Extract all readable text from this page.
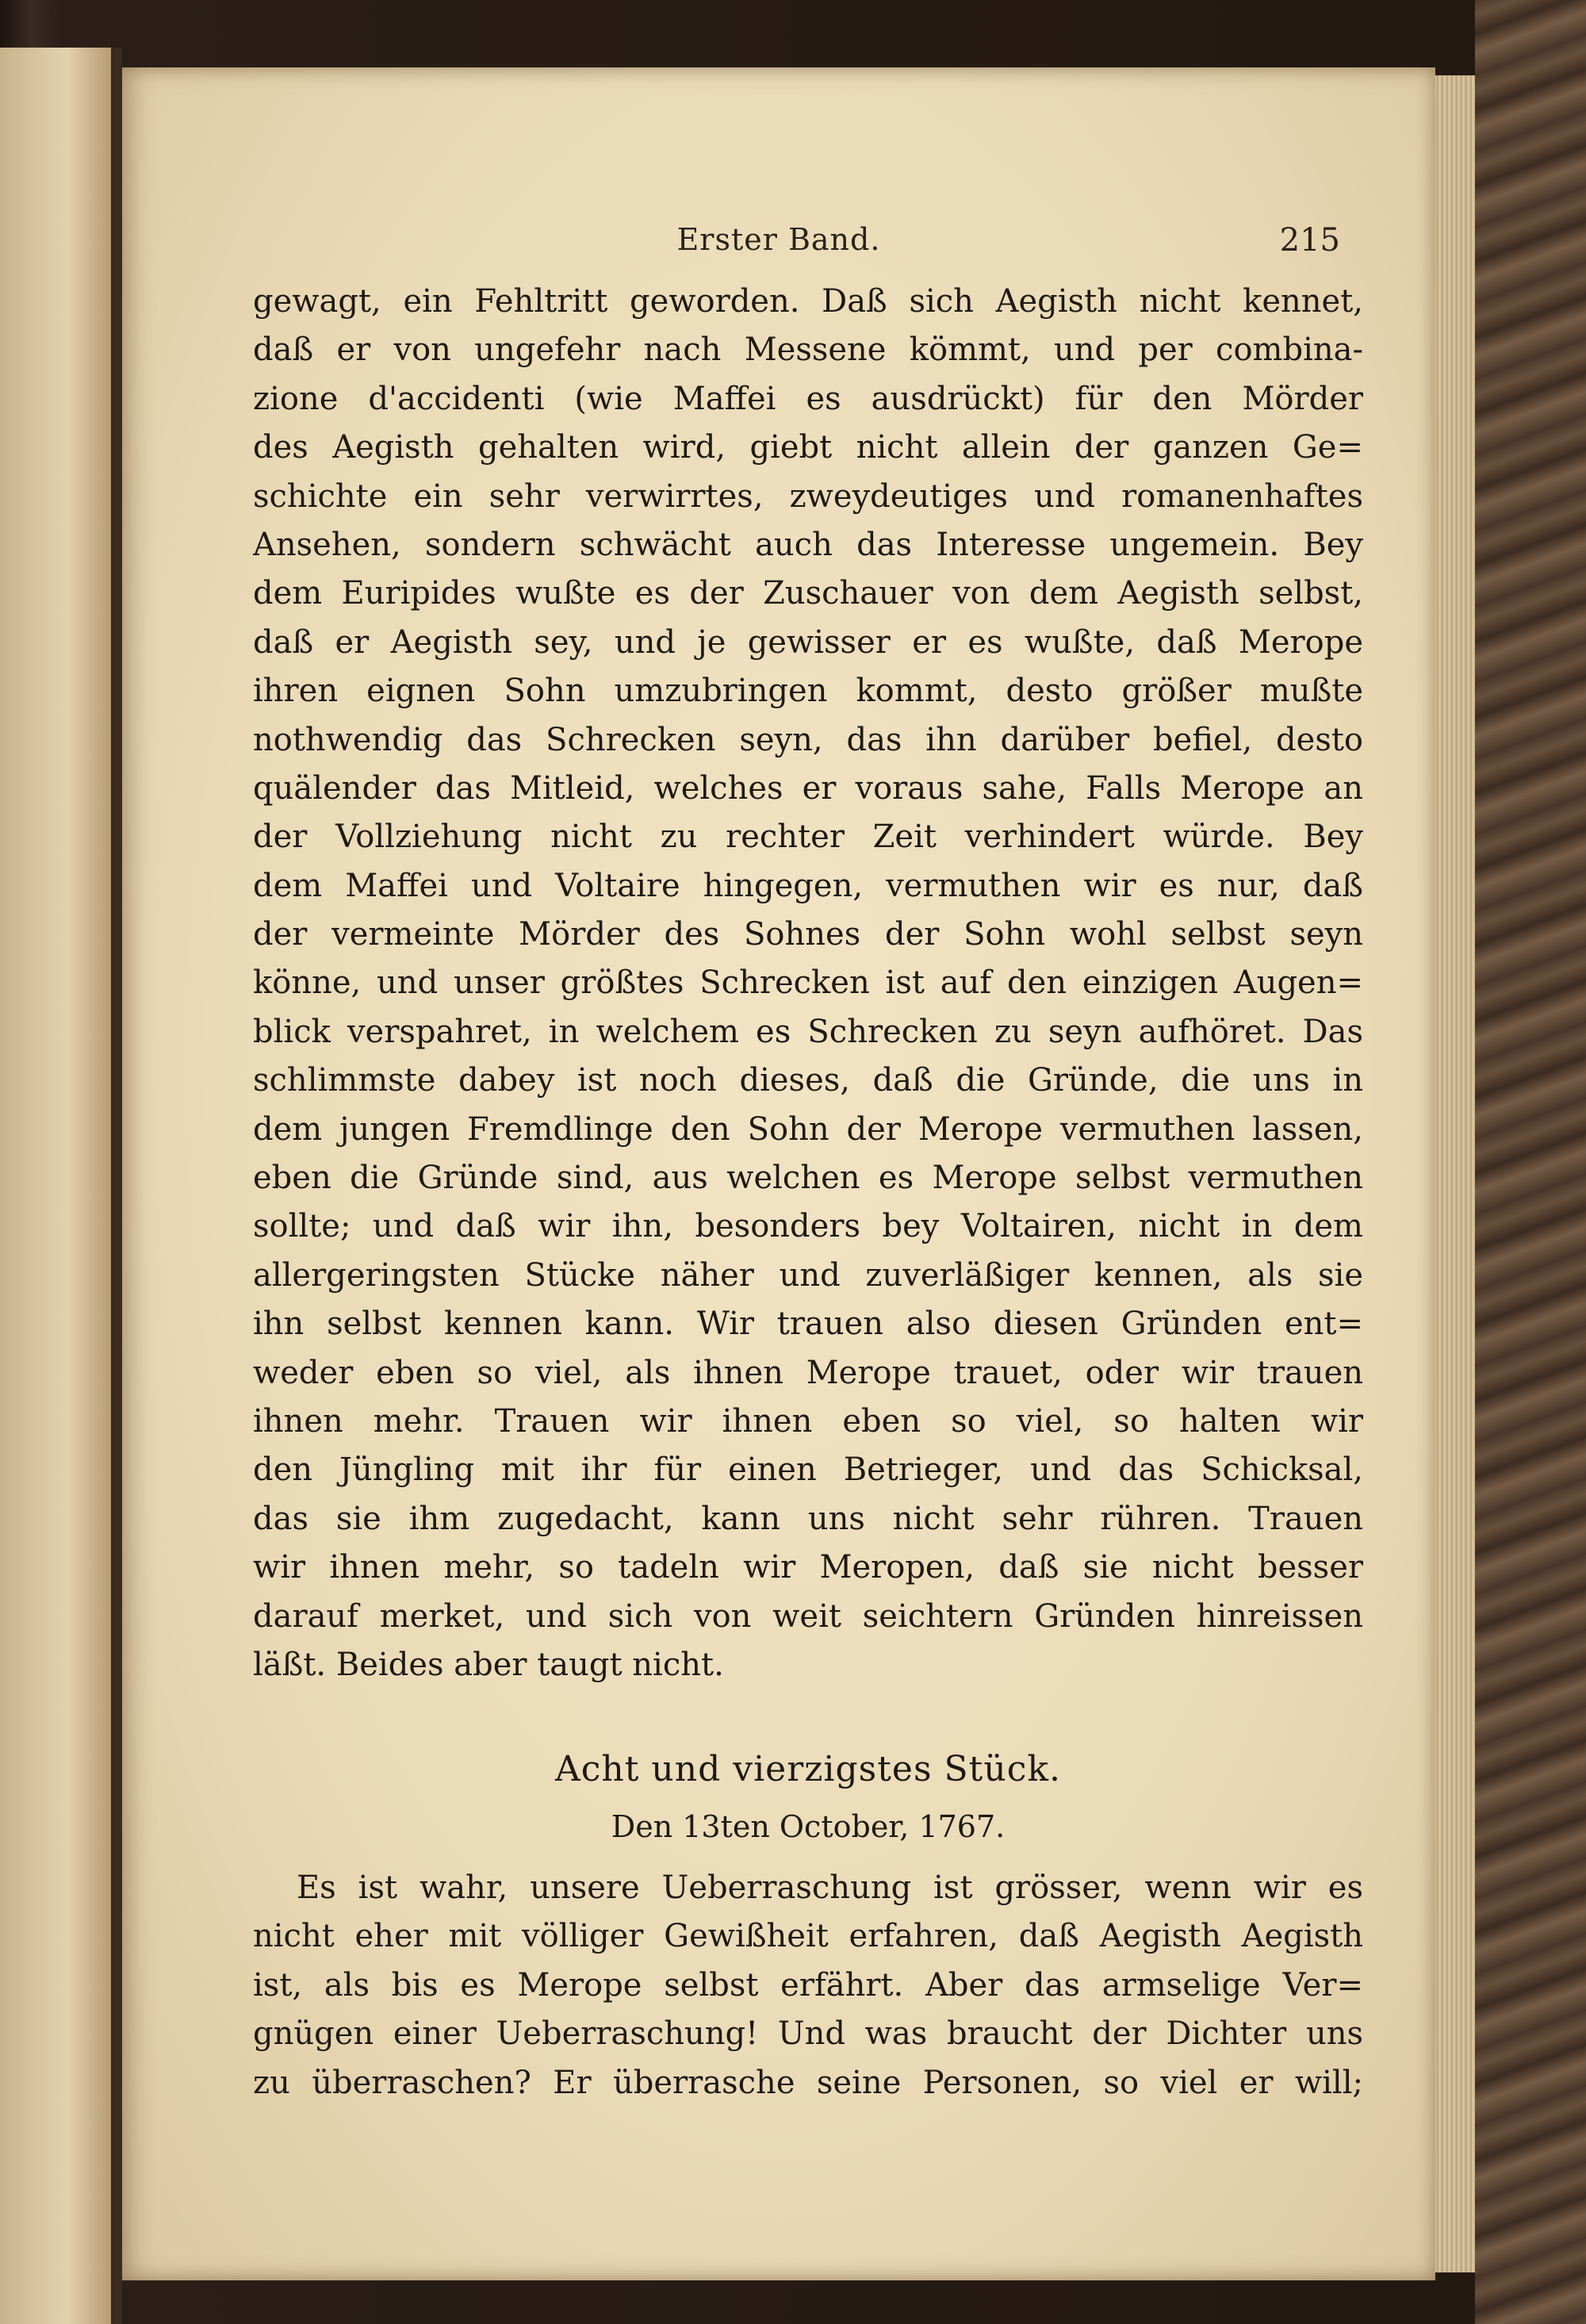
Erster Band.	215
gewagt, ein Fehltritt geworden. Daß sich Aegisth nicht kennet,
daß er von ungefehr nach Messene kömmt, und per combina-
zione d'accidenti (wie Maffei es ausdrückt) für den Mörder
des Aegisth gehalten wird, giebt nicht allein der ganzen Ge=
schichte ein sehr verwirrtes, zweydeutiges und romanenhaftes
Ansehen, sondern schwächt auch das Interesse ungemein. Bey
dem Euripides wußte es der Zuschauer von dem Aegisth selbst,
daß er Aegisth sey, und je gewisser er es wußte, daß Merope
ihren eignen Sohn umzubringen kommt, desto größer mußte
nothwendig das Schrecken seyn, das ihn darüber befiel, desto
quälender das Mitleid, welches er voraus sahe, Falls Merope an
der Vollziehung nicht zu rechter Zeit verhindert würde. Bey
dem Maffei und Voltaire hingegen, vermuthen wir es nur, daß
der vermeinte Mörder des Sohnes der Sohn wohl selbst seyn
könne, und unser größtes Schrecken ist auf den einzigen Augen=
blick verspahret, in welchem es Schrecken zu seyn aufhöret. Das
schlimmste dabey ist noch dieses, daß die Gründe, die uns in
dem jungen Fremdlinge den Sohn der Merope vermuthen lassen,
eben die Gründe sind, aus welchen es Merope selbst vermuthen
sollte; und daß wir ihn, besonders bey Voltairen, nicht in dem
allergeringsten Stücke näher und zuverläßiger kennen, als sie
ihn selbst kennen kann. Wir trauen also diesen Gründen ent=
weder eben so viel, als ihnen Merope trauet, oder wir trauen
ihnen mehr. Trauen wir ihnen eben so viel, so halten wir
den Jüngling mit ihr für einen Betrieger, und das Schicksal,
das sie ihm zugedacht, kann uns nicht sehr rühren. Trauen
wir ihnen mehr, so tadeln wir Meropen, daß sie nicht besser
darauf merket, und sich von weit seichtern Gründen hinreissen
läßt. Beides aber taugt nicht.
Acht und vierzigstes Stück.
Den 13ten October, 1767.
Es ist wahr, unsere Ueberraschung ist grösser, wenn wir es
nicht eher mit völliger Gewißheit erfahren, daß Aegisth Aegisth
ist, als bis es Merope selbst erfährt. Aber das armselige Ver=
gnügen einer Ueberraschung! Und was braucht der Dichter uns
zu überraschen? Er überrasche seine Personen, so viel er will;
